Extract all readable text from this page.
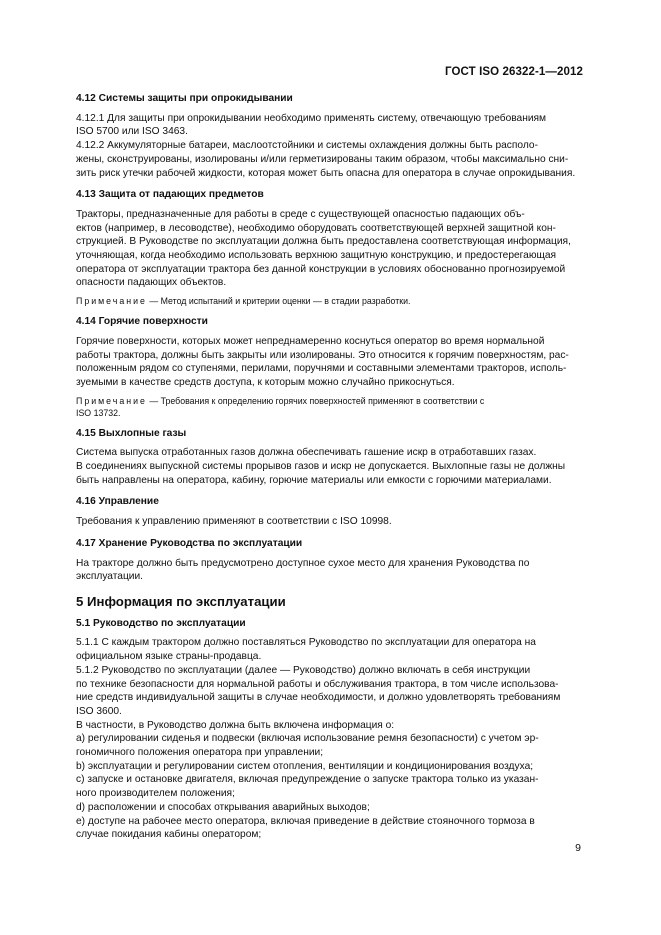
ГОСТ ISO 26322-1—2012
4.12 Системы защиты при опрокидывании

4.12.1 Для защиты при опрокидывании необходимо применять систему, отвечающую требованиям
ISO 5700 или ISO 3463.

4.12.2 Аккумуляторные батареи, маслоотстойники и системы охлаждения должны быть располо-
жены, сконструированы, изолированы и/или герметизированы таким образом, чтобы максимально сни-
зить риск утечки рабочей жидкости, которая может быть опасна для оператора в случае опрокидывания.

4.13 Защита от падающих предметов

Тракторы, предназначенные для работы в среде с существующей опасностью падающих объ-
ектов (например, в лесоводстве), необходимо оборудовать соответствующей верхней защитной кон-
струкцией. В Руководстве по эксплуатации должна быть предоставлена соответствующая информация,
уточняющая, когда необходимо использовать верхнюю защитную конструкцию, и предостерегающая
оператора от эксплуатации трактора без данной конструкции в условиях обоснованно прогнозируемой
опасности падающих объектов.

Примечание — Метод испытаний и критерии оценки — в стадии разработки.

4.14 Горячие поверхности

Горячие поверхности, которых может непреднамеренно коснуться оператор во время нормальной
работы трактора, должны быть закрыты или изолированы. Это относится к горячим поверхностям, рас-
положенным рядом со ступенями, перилами, поручнями и составными элементами тракторов, исполь-
зуемыми в качестве средств доступа, к которым можно случайно прикоснуться.

Примечание — Требования к определению горячих поверхностей применяют в соответствии с
ISO 13732.

4.15 Выхлопные газы

Система выпуска отработанных газов должна обеспечивать гашение искр в отработавших газах.
В соединениях выпускной системы прорывов газов и искр не допускается. Выхлопные газы не должны
быть направлены на оператора, кабину, горючие материалы или емкости с горючими материалами.

4.16 Управление

Требования к управлению применяют в соответствии с ISO 10998.

4.17 Хранение Руководства по эксплуатации

На тракторе должно быть предусмотрено доступное сухое место для хранения Руководства по
эксплуатации.

5 Информация по эксплуатации
5.1 Руководство по эксплуатации

5.1.1 С каждым трактором должно поставляться Руководство по эксплуатации для оператора на
официальном языке страны-продавца.

5.1.2 Руководство по эксплуатации (далее — Руководство) должно включать в себя инструкции
по технике безопасности для нормальной работы и обслуживания трактора, в том числе использова-
ние средств индивидуальной защиты в случае необходимости, и должно удовлетворять требованиям
ISO 3600.

В частности, в Руководство должна быть включена информация о:

а) регулировании сиденья и подвески (включая использование ремня безопасности) с учетом эр-
гономичного положения оператора при управлении;

b) эксплуатации и регулировании систем отопления, вентиляции и кондиционирования воздуха;

с) запуске и остановке двигателя, включая предупреждение о запуске трактора только из указан-
ного производителем положения;

d) расположении и способах открывания аварийных выходов;

е) доступе на рабочее место оператора, включая приведение в действие стояночного тормоза в
случае покидания кабины оператором;

9
